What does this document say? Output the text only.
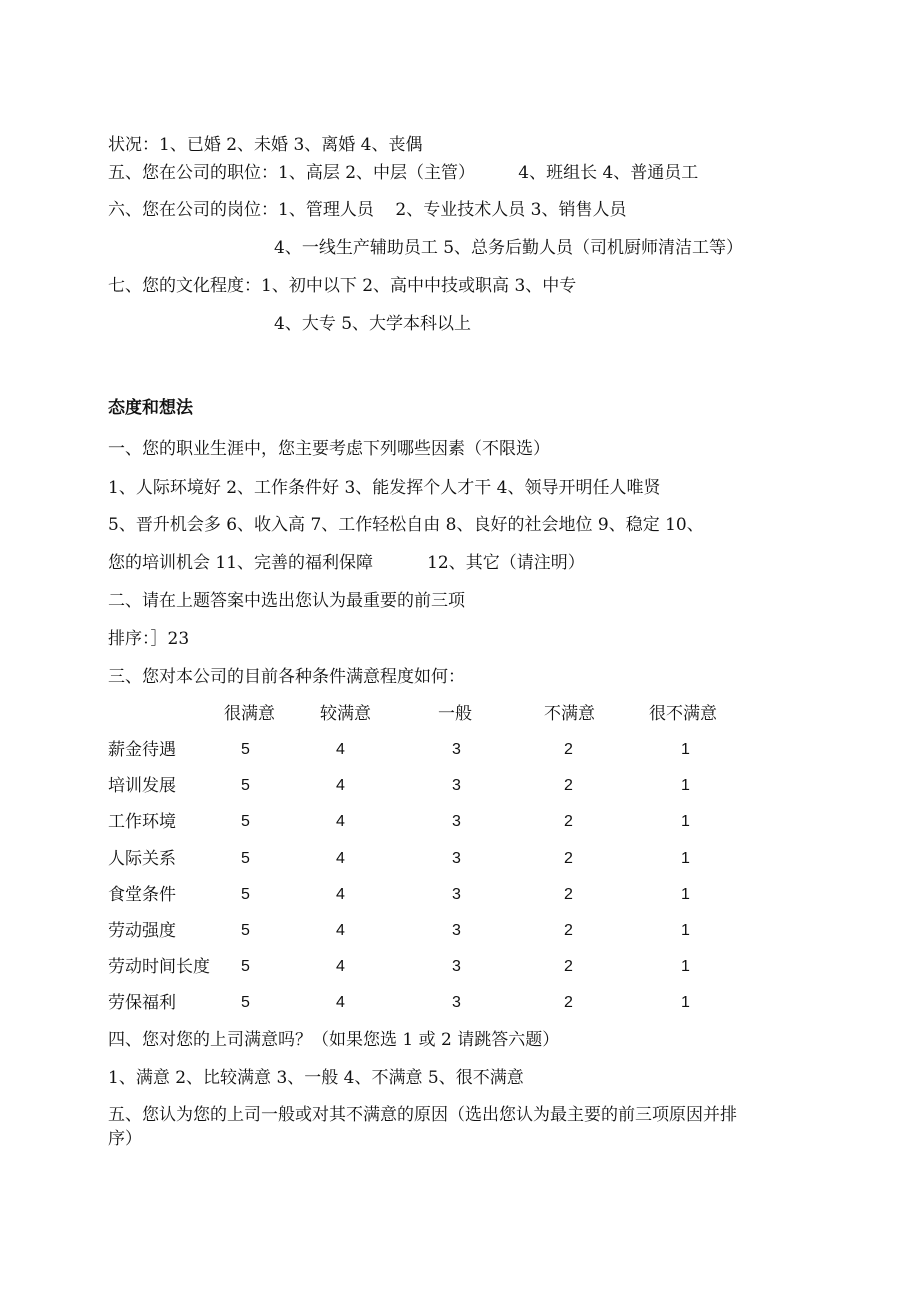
状况：1、已婚 2、未婚 3、离婚 4、丧偶
五、您在公司的职位：1、高层 2、中层（主管）        4、班组长 4、普通员工
六、您在公司的岗位：1、管理人员    2、专业技术人员 3、销售人员
4、一线生产辅助员工 5、总务后勤人员（司机厨师清洁工等）
七、您的文化程度：1、初中以下 2、高中中技或职高 3、中专
4、大专 5、大学本科以上
态度和想法
一、您的职业生涯中，您主要考虑下列哪些因素（不限选）
1、人际环境好 2、工作条件好 3、能发挥个人才干 4、领导开明任人唯贤
5、晋升机会多 6、收入高 7、工作轻松自由 8、良好的社会地位 9、稳定 10、
您的培训机会 11、完善的福利保障          12、其它（请注明）
二、请在上题答案中选出您认为最重要的前三项
排序：］23
三、您对本公司的目前各种条件满意程度如何：
很满意	较满意	一般	不满意	很不满意
薪金待遇	5	4	3	2	1
培训发展	5	4	3	2	1
工作环境	5	4	3	2	1
人际关系	5	4	3	2	1
食堂条件	5	4	3	2	1
劳动强度	5	4	3	2	1
劳动时间长度 5	4	3	2	1
劳保福利	5	4	3	2	1
四、您对您的上司满意吗？（如果您选 1 或 2 请跳答六题）
1、满意 2、比较满意 3、一般 4、不满意 5、很不满意
五、您认为您的上司一般或对其不满意的原因（选出您认为最主要的前三项原因并排
序）
